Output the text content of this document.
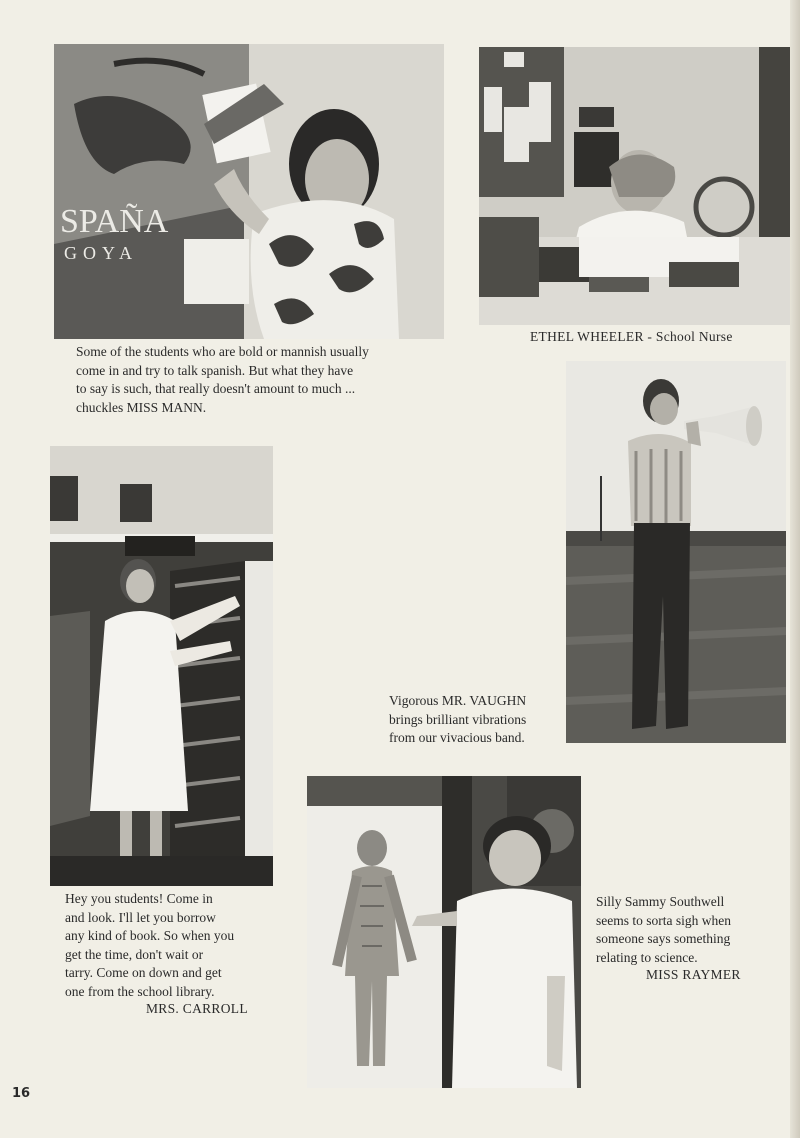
SPAÑA
GOYA

Some of the students who are bold or mannish usually
come in and try to talk spanish. But what they have
to say is such, that really doesn't amount to much ...
chuckles MISS MANN.

ETHEL WHEELER - School Nurse

Vigorous MR. VAUGHN
brings brilliant vibrations
from our vivacious band.

Hey you students! Come in
and look. I'll let you borrow
any kind of book. So when you
get the time, don't wait or
tarry. Come on down and get
one from the school library.

MRS. CARROLL

Silly Sammy Southwell
seems to sorta sigh when
someone says something
relating to science.

MISS RAYMER
16
